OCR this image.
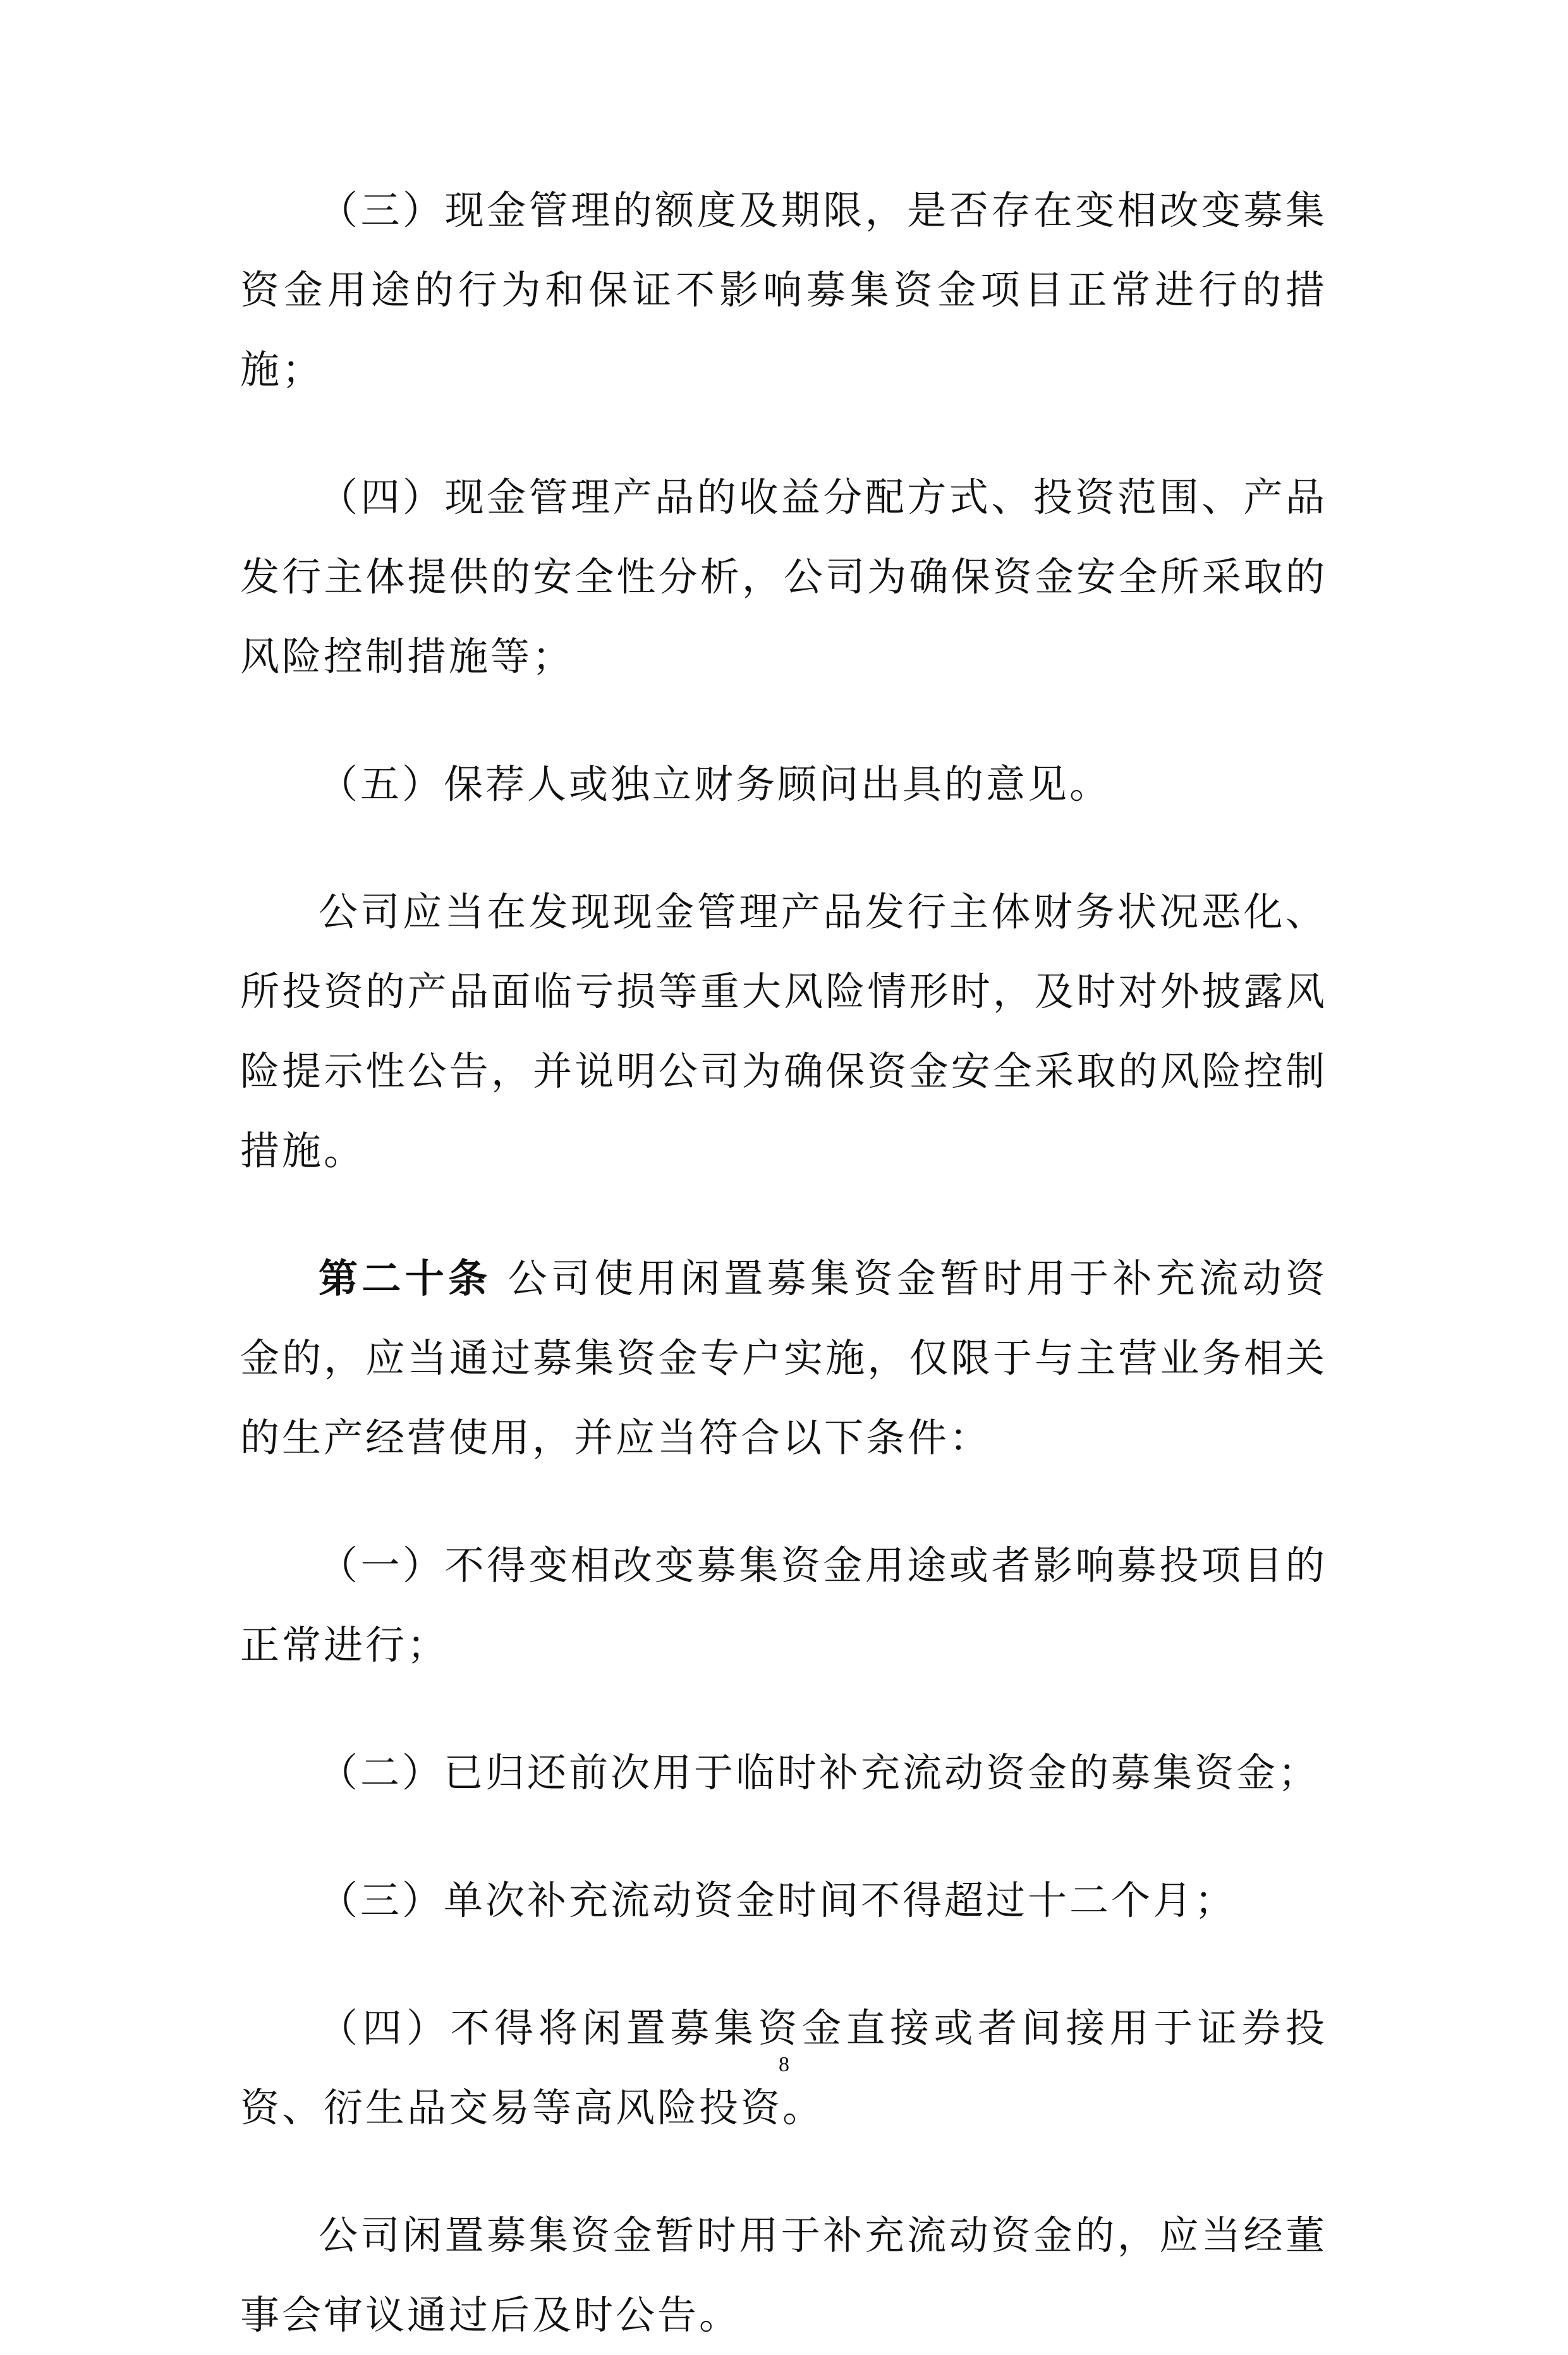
（三）现金管理的额度及期限，是否存在变相改变募集资金用途的行为和保证不影响募集资金项目正常进行的措施；

（四）现金管理产品的收益分配方式、投资范围、产品发行主体提供的安全性分析，公司为确保资金安全所采取的风险控制措施等；

（五）保荐人或独立财务顾问出具的意见。

公司应当在发现现金管理产品发行主体财务状况恶化、所投资的产品面临亏损等重大风险情形时，及时对外披露风险提示性公告，并说明公司为确保资金安全采取的风险控制措施。

第二十条 公司使用闲置募集资金暂时用于补充流动资金的，应当通过募集资金专户实施，仅限于与主营业务相关的生产经营使用，并应当符合以下条件：

（一）不得变相改变募集资金用途或者影响募投项目的正常进行；

（二）已归还前次用于临时补充流动资金的募集资金；

（三）单次补充流动资金时间不得超过十二个月；

（四）不得将闲置募集资金直接或者间接用于证券投资、衍生品交易等高风险投资。

公司闲置募集资金暂时用于补充流动资金的，应当经董事会审议通过后及时公告。

8
